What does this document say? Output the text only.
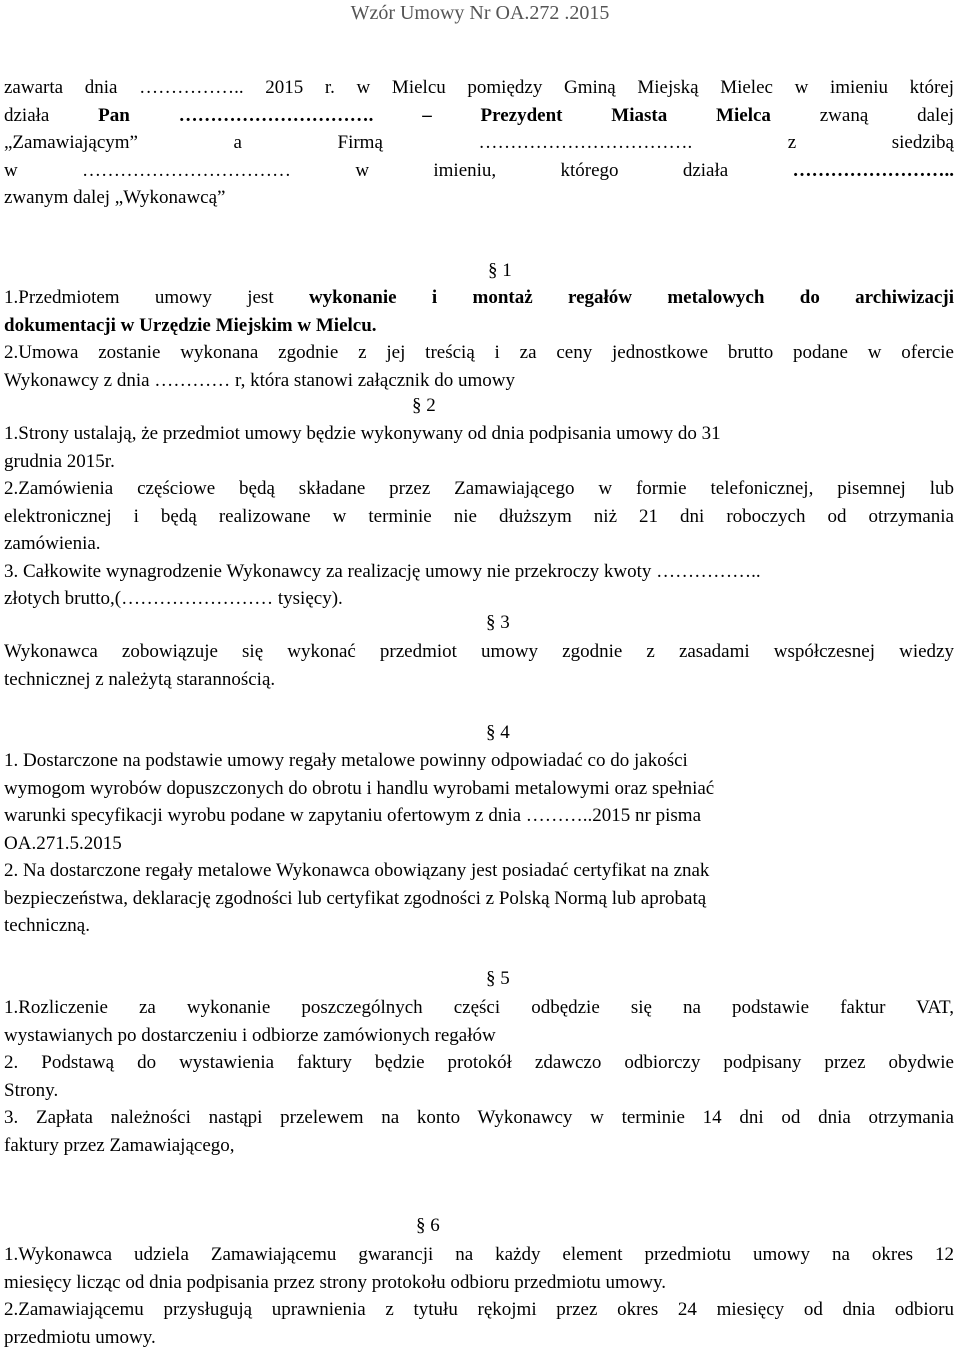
Wzór Umowy Nr OA.272 .2015
zawarta dnia …………….. 2015 r. w Mielcu pomiędzy Gminą Miejską Mielec w imieniu której
działa Pan …………………………. – Prezydent Miasta Mielca	zwaną dalej
„Zamawiającym” a Firmą ……………………………. z siedzibą
w …………………………… w imieniu, którego działa ……………………..
zwanym dalej „Wykonawcą”
§ 1
1.Przedmiotem umowy jest wykonanie i montaż regałów metalowych do archiwizacji
dokumentacji w Urzędzie Miejskim w Mielcu.
2.Umowa zostanie wykonana zgodnie z jej treścią i za ceny jednostkowe brutto podane w ofercie
Wykonawcy z dnia ………… r, która stanowi załącznik do umowy
§ 2
1.Strony ustalają, że przedmiot umowy będzie wykonywany od dnia podpisania umowy do 31
grudnia 2015r.
2.Zamówienia częściowe będą składane przez Zamawiającego w formie telefonicznej, pisemnej lub
elektronicznej i będą realizowane w terminie nie dłuższym niż 21 dni roboczych od otrzymania
zamówienia.
3. Całkowite wynagrodzenie Wykonawcy za realizację umowy nie przekroczy kwoty ……………..
złotych brutto,(…………………… tysięcy).
§ 3
Wykonawca zobowiązuje się wykonać przedmiot umowy zgodnie z zasadami współczesnej wiedzy
technicznej z należytą starannością.
§ 4
1. Dostarczone na podstawie umowy regały metalowe powinny odpowiadać co do jakości
wymogom wyrobów dopuszczonych do obrotu i handlu wyrobami metalowymi oraz spełniać
warunki specyfikacji wyrobu podane w zapytaniu ofertowym z dnia ………..2015 nr pisma
OA.271.5.2015
2. Na dostarczone regały metalowe Wykonawca obowiązany jest posiadać certyfikat na znak
bezpieczeństwa, deklarację zgodności lub certyfikat zgodności z Polską Normą lub aprobatą
techniczną.
§ 5
1.Rozliczenie za wykonanie poszczególnych części odbędzie się na podstawie faktur VAT,
wystawianych po dostarczeniu i odbiorze zamówionych regałów
2. Podstawą do wystawienia faktury będzie protokół zdawczo odbiorczy podpisany przez obydwie
Strony.
3. Zapłata należności nastąpi przelewem na konto Wykonawcy w terminie 14 dni od dnia otrzymania
faktury przez Zamawiającego,
§ 6
1.Wykonawca udziela Zamawiającemu gwarancji na każdy element przedmiotu umowy na okres 12
miesięcy licząc od dnia podpisania przez strony protokołu odbioru przedmiotu umowy.
2.Zamawiającemu przysługują uprawnienia z tytułu rękojmi przez okres 24 miesięcy od dnia odbioru
przedmiotu umowy.
